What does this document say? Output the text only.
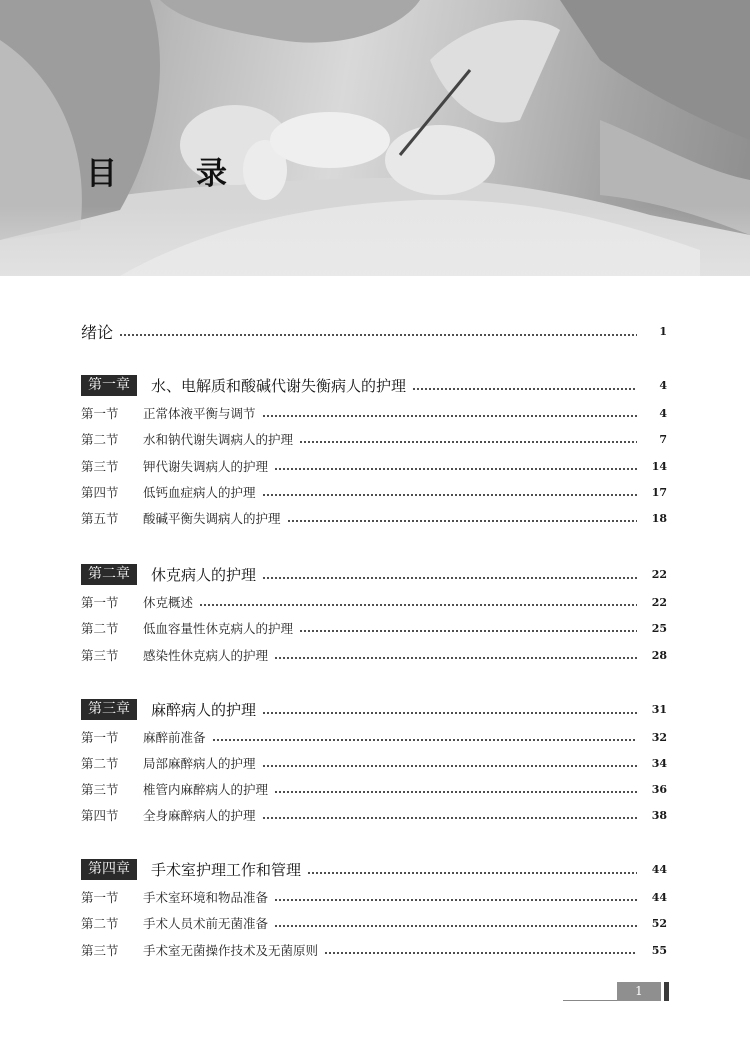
目　录
绪论	1
第一章	水、电解质和酸碱代谢失衡病人的护理	4
第一节	正常体液平衡与调节	4
第二节	水和钠代谢失调病人的护理	7
第三节	钾代谢失调病人的护理	14
第四节	低钙血症病人的护理	17
第五节	酸碱平衡失调病人的护理	18
第二章	休克病人的护理	22
第一节	休克概述	22
第二节	低血容量性休克病人的护理	25
第三节	感染性休克病人的护理	28
第三章	麻醉病人的护理	31
第一节	麻醉前准备	32
第二节	局部麻醉病人的护理	34
第三节	椎管内麻醉病人的护理	36
第四节	全身麻醉病人的护理	38
第四章	手术室护理工作和管理	44
第一节	手术室环境和物品准备	44
第二节	手术人员术前无菌准备	52
第三节	手术室无菌操作技术及无菌原则	55
1
